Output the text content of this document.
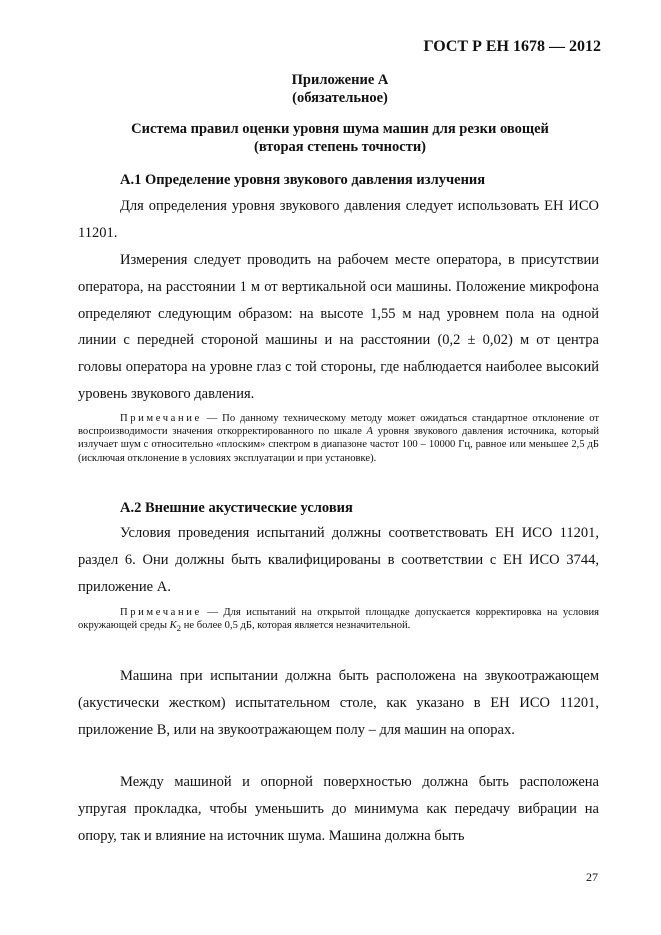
ГОСТ Р ЕН 1678 — 2012
Приложение А
(обязательное)
Система правил оценки уровня шума машин для резки овощей
(вторая степень точности)
А.1 Определение уровня звукового давления излучения

Для определения уровня звукового давления следует использовать ЕН ИСО 11201.

Измерения следует проводить на рабочем месте оператора, в присутствии оператора, на расстоянии 1 м от вертикальной оси машины. Положение микрофона определяют следующим образом: на высоте 1,55 м над уровнем пола на одной линии с передней стороной машины и на расстоянии (0,2 ± 0,02) м от центра головы оператора на уровне глаз с той стороны, где наблюдается наиболее высокий уровень звукового давления.

Примечание — По данному техническому методу может ожидаться стандартное отклонение от воспроизводимости значения откорректированного по шкале A уровня звукового давления источника, который излучает шум с относительно «плоским» спектром в диапазоне частот 100 – 10000 Гц, равное или меньшее 2,5 дБ (исключая отклонение в условиях эксплуатации и при установке).

А.2 Внешние акустические условия

Условия проведения испытаний должны соответствовать ЕН ИСО 11201, раздел 6. Они должны быть квалифицированы в соответствии с ЕН ИСО 3744, приложение А.

Примечание — Для испытаний на открытой площадке допускается корректировка на условия окружающей среды $K_2$ не более 0,5 дБ, которая является незначительной.

Машина при испытании должна быть расположена на звукоотражающем (акустически жестком) испытательном столе, как указано в ЕН ИСО 11201, приложение В, или на звукоотражающем полу – для машин на опорах.

Между машиной и опорной поверхностью должна быть расположена упругая прокладка, чтобы уменьшить до минимума как передачу вибрации на опору, так и влияние на источник шума. Машина должна быть

27
